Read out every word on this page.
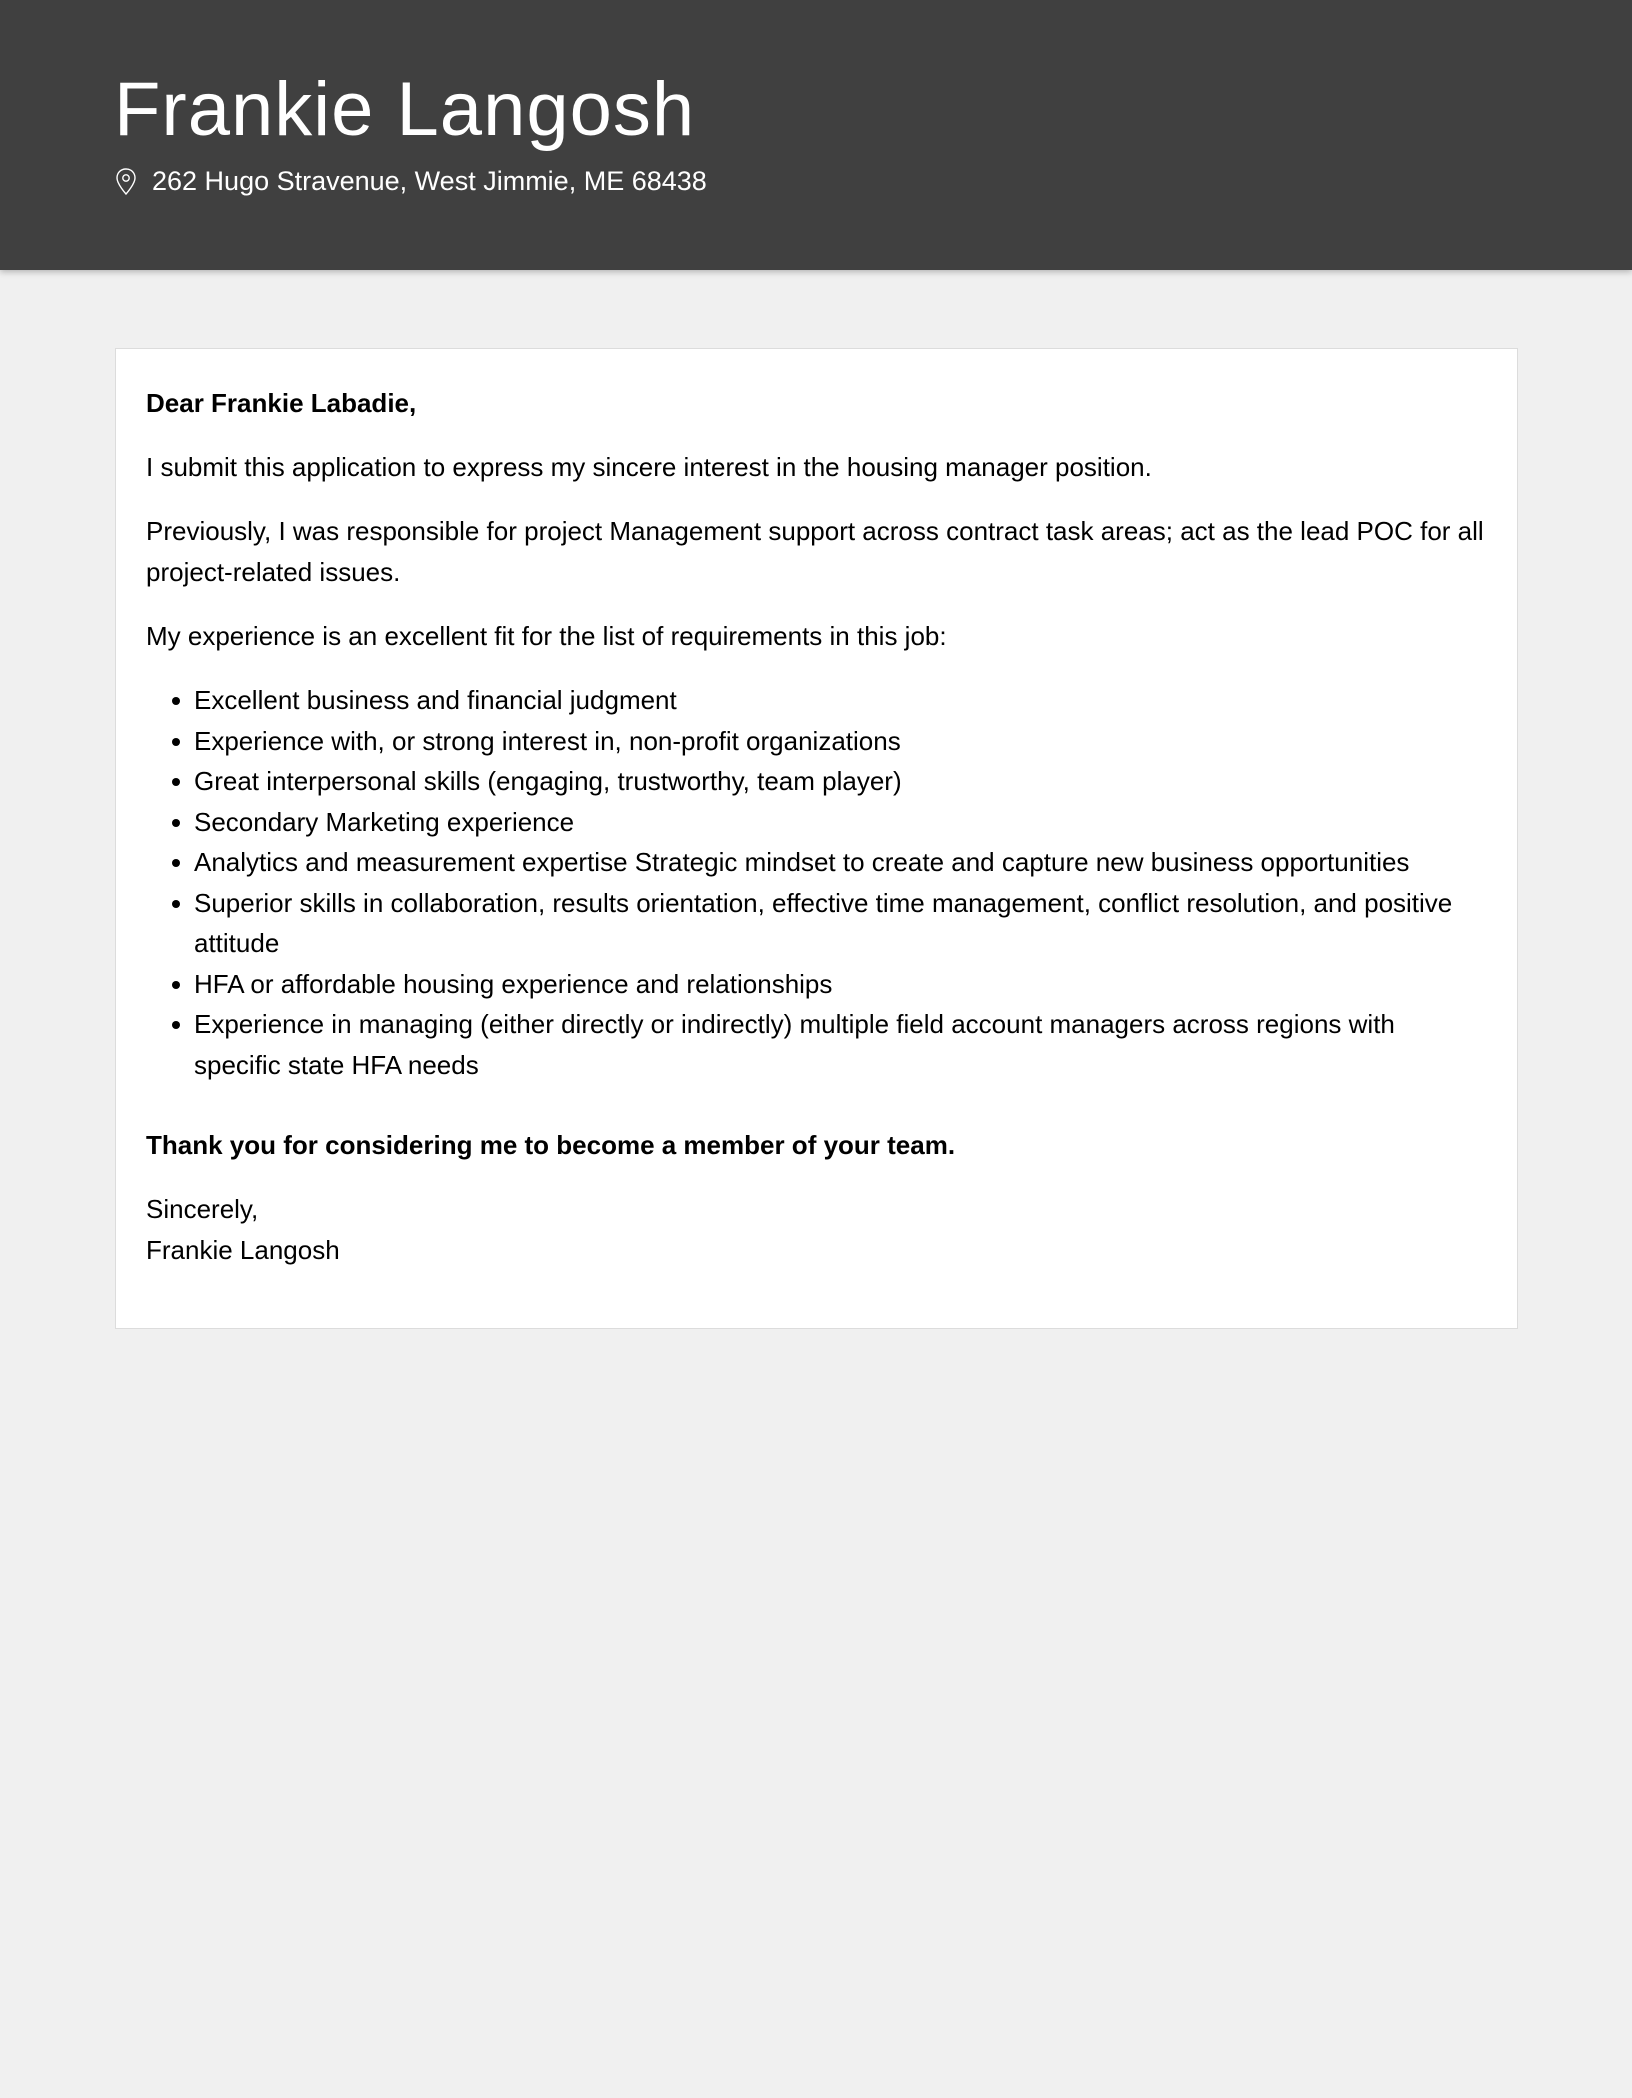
Frankie Langosh
262 Hugo Stravenue, West Jimmie, ME 68438

Dear Frankie Labadie,

I submit this application to express my sincere interest in the housing manager position.

Previously, I was responsible for project Management support across contract task areas; act as the lead POC for all project-related issues.

My experience is an excellent fit for the list of requirements in this job:

Excellent business and financial judgment
Experience with, or strong interest in, non-profit organizations
Great interpersonal skills (engaging, trustworthy, team player)
Secondary Marketing experience
Analytics and measurement expertise Strategic mindset to create and capture new business opportunities
Superior skills in collaboration, results orientation, effective time management, conflict resolution, and positive attitude
HFA or affordable housing experience and relationships
Experience in managing (either directly or indirectly) multiple field account managers across regions with specific state HFA needs

Thank you for considering me to become a member of your team.

Sincerely,
Frankie Langosh
